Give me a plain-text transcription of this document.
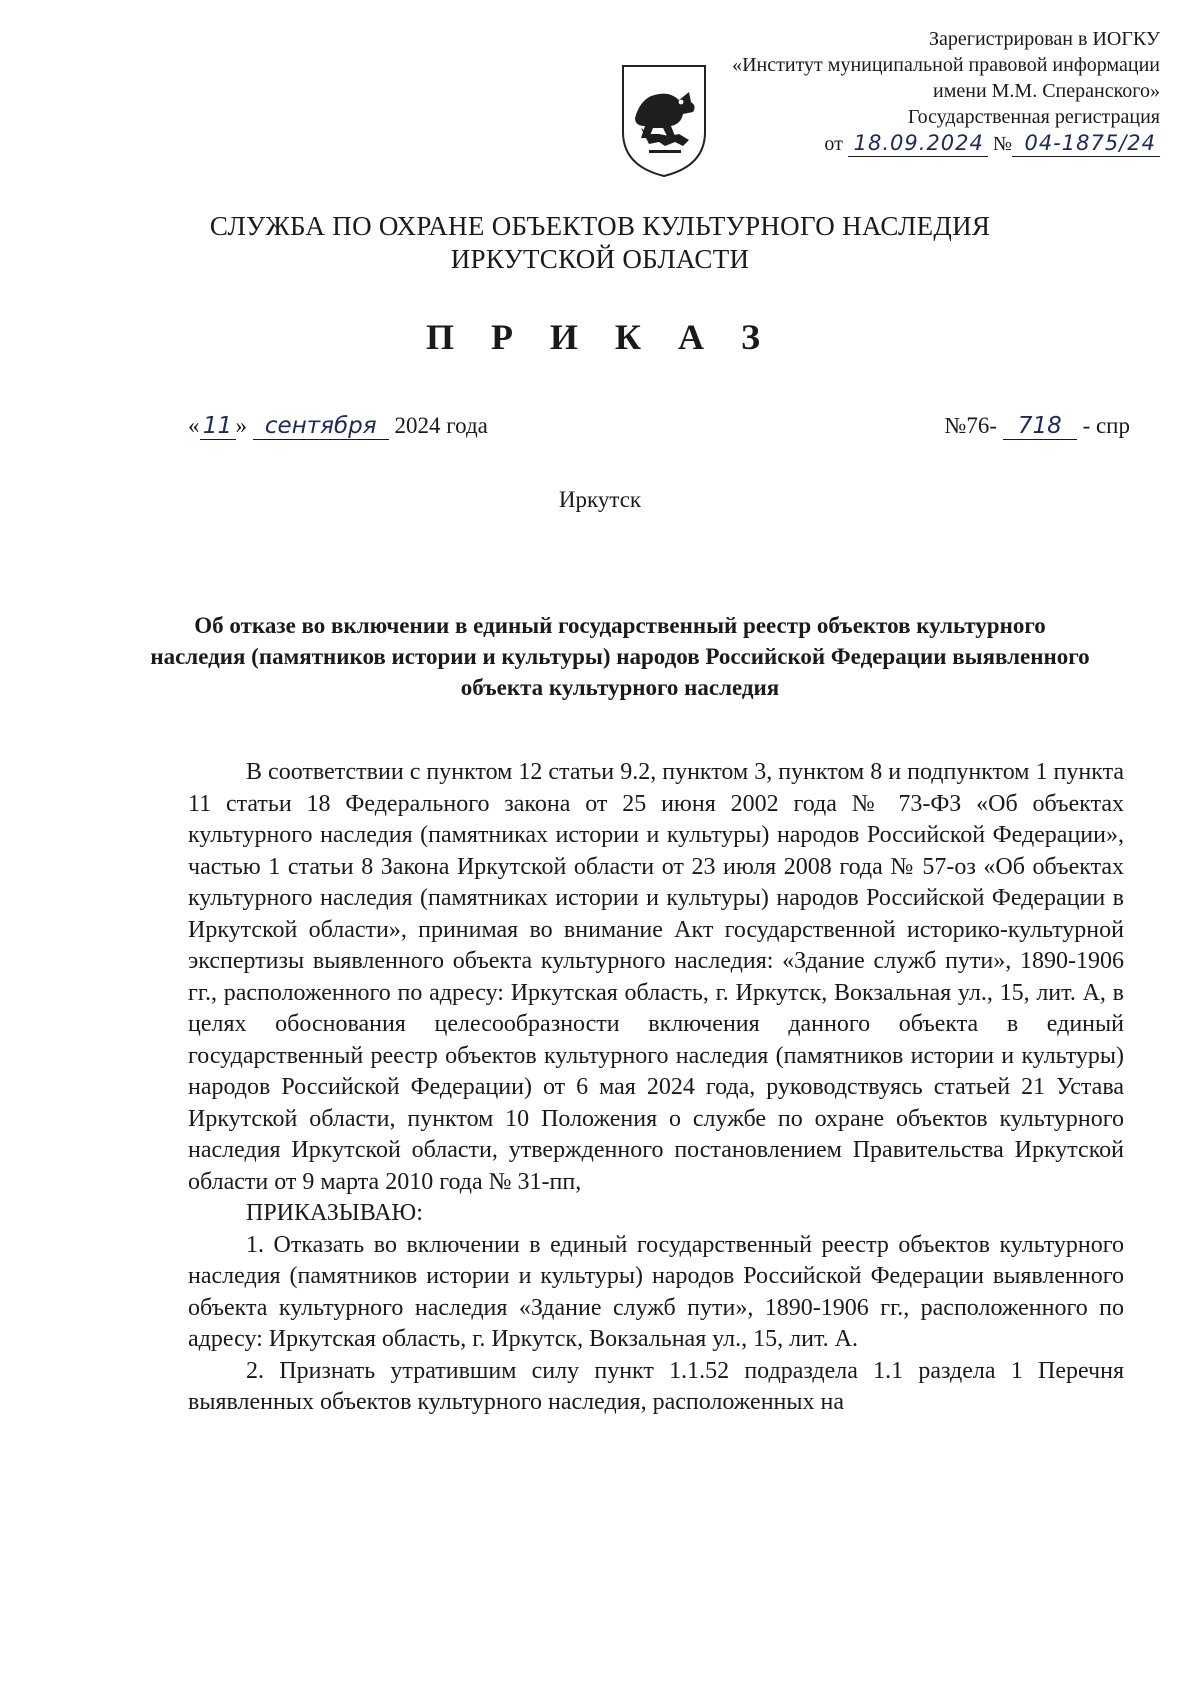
Зарегистрирован в ИОГКУ
«Институт муниципальной правовой информации
имени М.М. Сперанского»
Государственная регистрация
от 18.09.2024 № 04-1875/24
СЛУЖБА ПО ОХРАНЕ ОБЪЕКТОВ КУЛЬТУРНОГО НАСЛЕДИЯ
ИРКУТСКОЙ ОБЛАСТИ
П Р И К А З
« 11 » сентября 2024 года	№76- 718 - спр
Иркутск
Об отказе во включении в единый государственный реестр объектов культурного наследия (памятников истории и культуры) народов Российской Федерации выявленного объекта культурного наследия

В соответствии с пунктом 12 статьи 9.2, пунктом 3, пунктом 8 и подпунктом 1 пункта 11 статьи 18 Федерального закона от 25 июня 2002 года № 73-ФЗ «Об объектах культурного наследия (памятниках истории и культуры) народов Российской Федерации», частью 1 статьи 8 Закона Иркутской области от 23 июля 2008 года № 57-оз «Об объектах культурного наследия (памятниках истории и культуры) народов Российской Федерации в Иркутской области», принимая во внимание Акт государственной историко-культурной экспертизы выявленного объекта культурного наследия: «Здание служб пути», 1890-1906 гг., расположенного по адресу: Иркутская область, г. Иркутск, Вокзальная ул., 15, лит. А, в целях обоснования целесообразности включения данного объекта в единый государственный реестр объектов культурного наследия (памятников истории и культуры) народов Российской Федерации) от 6 мая 2024 года, руководствуясь статьей 21 Устава Иркутской области, пунктом 10 Положения о службе по охране объектов культурного наследия Иркутской области, утвержденного постановлением Правительства Иркутской области от 9 марта 2010 года № 31-пп,

ПРИКАЗЫВАЮ:

1. Отказать во включении в единый государственный реестр объектов культурного наследия (памятников истории и культуры) народов Российской Федерации выявленного объекта культурного наследия «Здание служб пути», 1890-1906 гг., расположенного по адресу: Иркутская область, г. Иркутск, Вокзальная ул., 15, лит. А.

2. Признать утратившим силу пункт 1.1.52 подраздела 1.1 раздела 1 Перечня выявленных объектов культурного наследия, расположенных на
